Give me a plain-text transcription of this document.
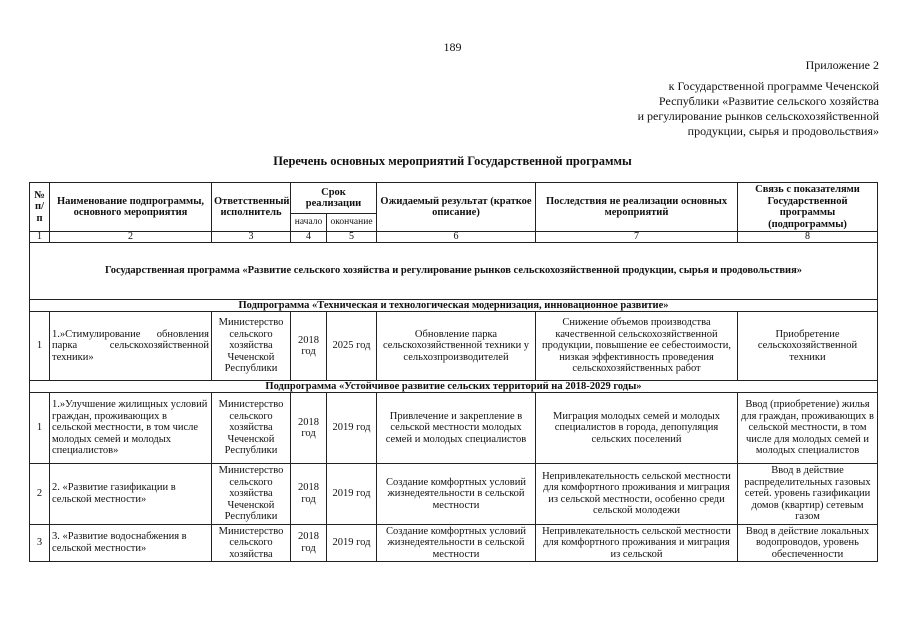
189
Приложение 2
к Государственной программе Чеченской
Республики «Развитие сельского хозяйства
и регулирование рынков сельскохозяйственной
продукции, сырья и продовольствия»
Перечень основных мероприятий Государственной программы
№ п/п	Наименование подпрограммы, основного мероприятия	Ответственный исполнитель	Срок реализации		Ожидаемый результат (краткое описание)	Последствия не реализации основных мероприятий	Связь с показателями Государственной программы (подпрограммы)
			начало	окончание			
1	2	3	4	5	6	7	8
Государственная программа «Развитие сельского хозяйства и регулирование рынков сельскохозяйственной продукции, сырья и продовольствия»							
Подпрограмма «Техническая и технологическая модернизация, инновационное развитие»							
1	1.»Стимулирование обновления парка сельскохозяйственной техники»	Министерство сельского хозяйства Чеченской Республики	2018 год	2025 год	Обновление парка сельскохозяйственной техники у сельхозпроизводителей	Снижение объемов производства качественной сельскохозяйственной продукции, повышение ее себестоимости, низкая эффективность проведения сельскохозяйственных работ	Приобретение сельскохозяйственной техники
Подпрограмма «Устойчивое развитие сельских территорий на 2018-2029 годы»							
1	1.»Улучшение жилищных условий граждан, проживающих в сельской местности, в том числе молодых семей и молодых специалистов»	Министерство сельского хозяйства Чеченской Республики	2018 год	2019 год	Привлечение и закрепление в сельской местности молодых семей и молодых специалистов	Миграция молодых семей и молодых специалистов в города, депопуляция сельских поселений	Ввод (приобретение) жилья для граждан, проживающих в сельской местности, в том числе для молодых семей и молодых специалистов
2	2. «Развитие газификации в сельской местности»	Министерство сельского хозяйства Чеченской Республики	2018 год	2019 год	Создание комфортных условий жизнедеятельности в сельской местности	Непривлекательность сельской местности для комфортного проживания и миграция из сельской местности, особенно среди сельской молодежи	Ввод в действие распределительных газовых сетей. уровень газификации домов (квартир) сетевым газом
3	3. «Развитие водоснабжения в сельской местности»	Министерство сельского хозяйства	2018 год	2019 год	Создание комфортных условий жизнедеятельности в сельской местности	Непривлекательность сельской местности для комфортного проживания и миграция из сельской	Ввод в действие локальных водопроводов, уровень обеспеченности
